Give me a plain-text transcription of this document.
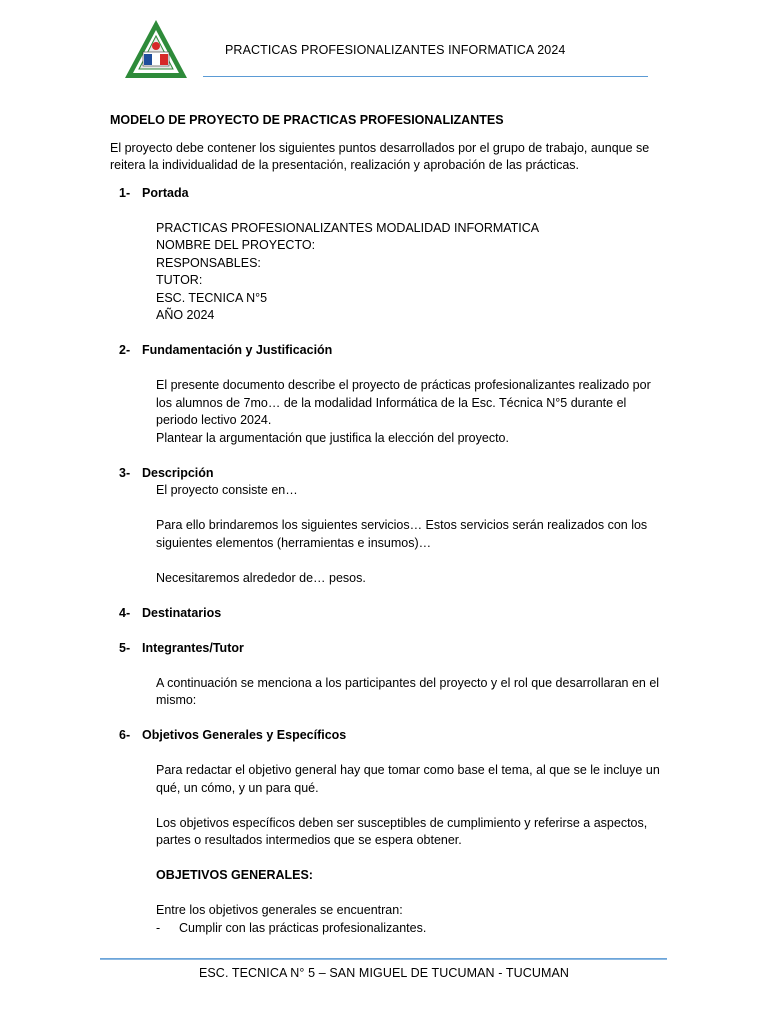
PRACTICAS PROFESIONALIZANTES INFORMATICA 2024
MODELO DE PROYECTO DE PRACTICAS PROFESIONALIZANTES
El proyecto debe contener los siguientes puntos desarrollados por el grupo de trabajo, aunque se reitera la individualidad de la presentación, realización y aprobación de las prácticas.
1- Portada
PRACTICAS PROFESIONALIZANTES MODALIDAD INFORMATICA
NOMBRE DEL PROYECTO:
RESPONSABLES:
TUTOR:
ESC. TECNICA N°5
AÑO 2024
2- Fundamentación y Justificación
El presente documento describe el proyecto de prácticas profesionalizantes realizado por los alumnos de 7mo… de la modalidad Informática de la Esc. Técnica N°5 durante el periodo lectivo 2024.
Plantear la argumentación que justifica la elección del proyecto.
3- Descripción
El proyecto consiste en…
Para ello brindaremos los siguientes servicios… Estos servicios serán realizados con los siguientes elementos (herramientas e insumos)…
Necesitaremos alrededor de… pesos.
4- Destinatarios
5- Integrantes/Tutor
A continuación se menciona a los participantes del proyecto y el rol que desarrollaran en el mismo:
6- Objetivos Generales y Específicos
Para redactar el objetivo general hay que tomar como base el tema, al que se le incluye un qué, un cómo, y un para qué.
Los objetivos específicos deben ser susceptibles de cumplimiento y referirse a aspectos, partes o resultados intermedios que se espera obtener.
OBJETIVOS GENERALES:
Entre los objetivos generales se encuentran:
-	Cumplir con las prácticas profesionalizantes.
ESC. TECNICA N° 5 – SAN MIGUEL DE TUCUMAN - TUCUMAN
